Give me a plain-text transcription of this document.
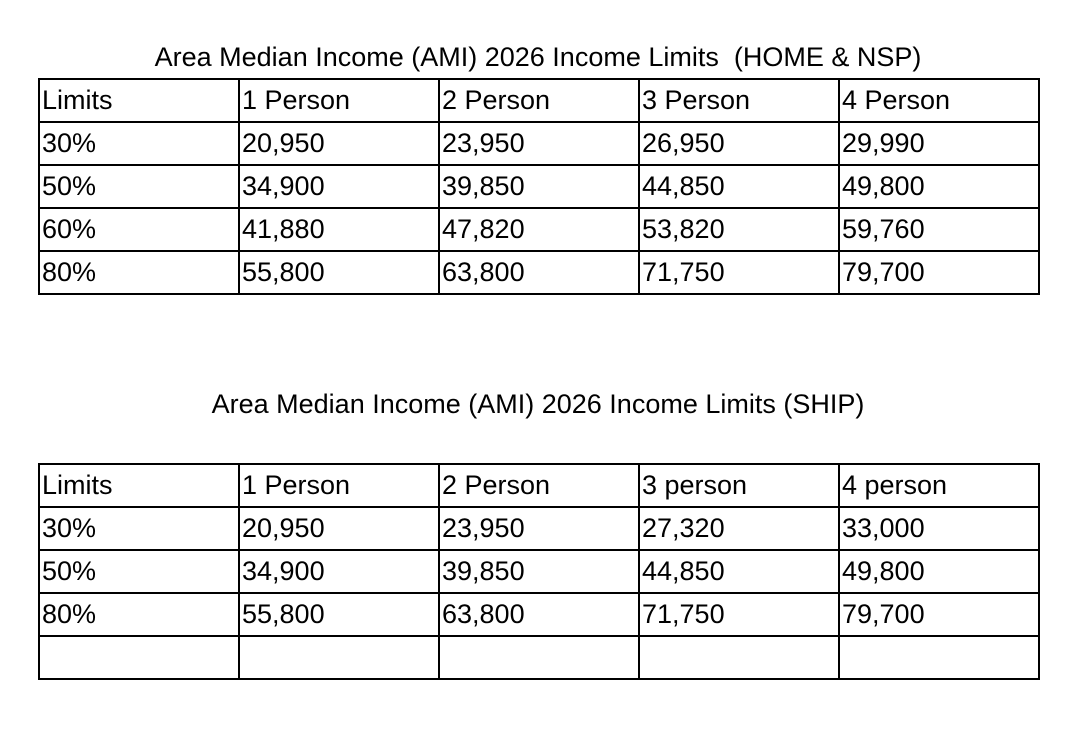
Area Median Income (AMI) 2026 Income Limits  (HOME & NSP)
Limits	1 Person	2 Person	3 Person	4 Person
30%	20,950	23,950	26,950	29,990
50%	34,900	39,850	44,850	49,800
60%	41,880	47,820	53,820	59,760
80%	55,800	63,800	71,750	79,700
Area Median Income (AMI) 2026 Income Limits (SHIP)
Limits	1 Person	2 Person	3 person	4 person
30%	20,950	23,950	27,320	33,000
50%	34,900	39,850	44,850	49,800
80%	55,800	63,800	71,750	79,700
